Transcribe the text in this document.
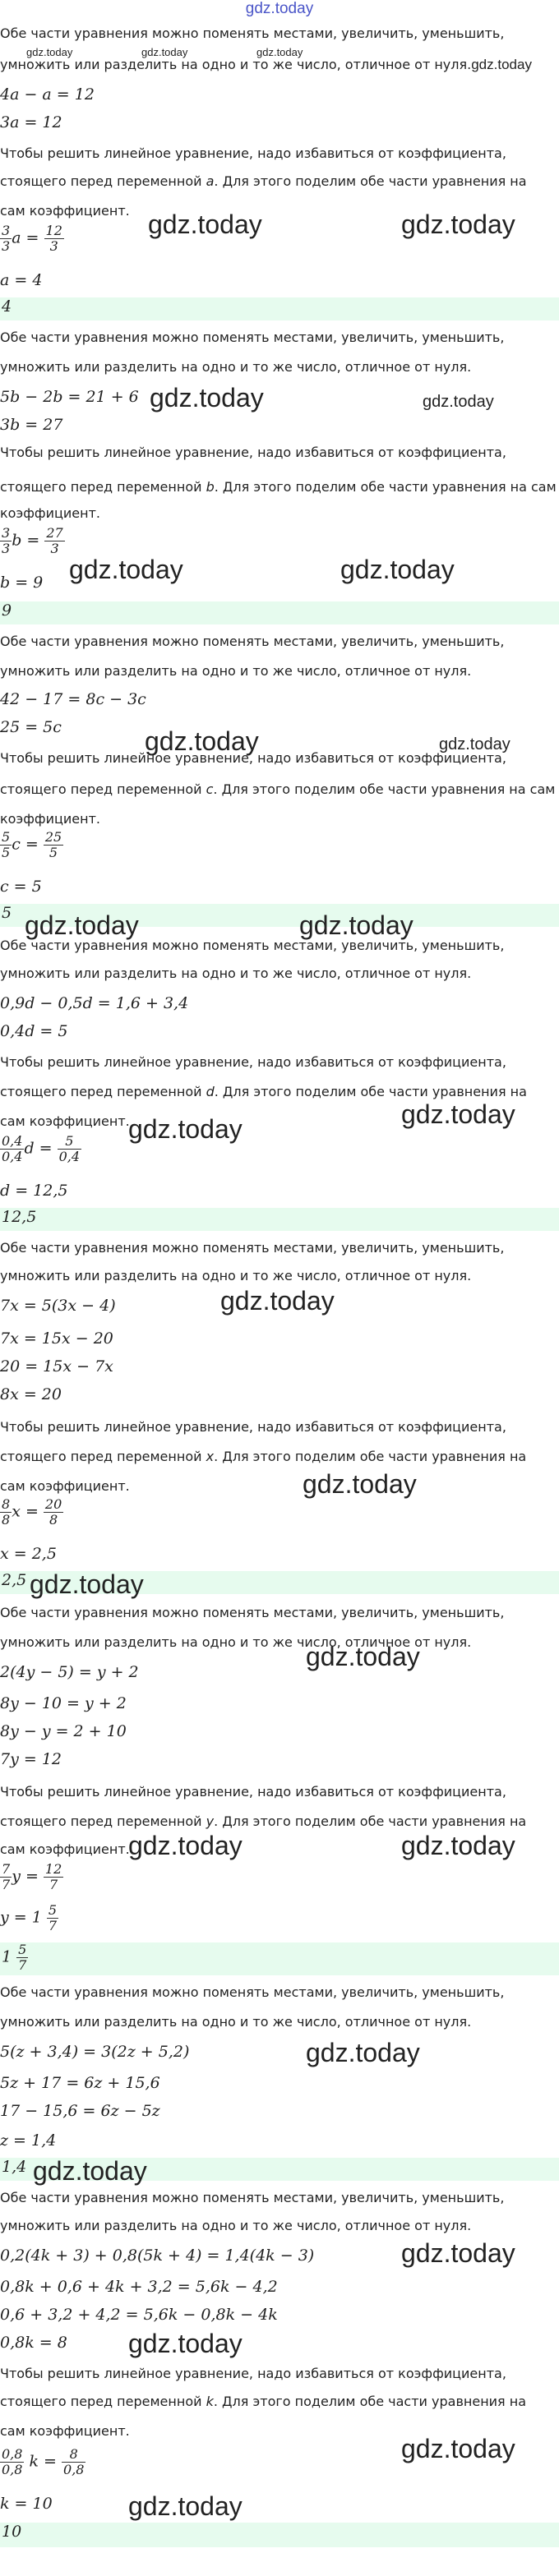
gdz.today
gdz.today	gdz.today	gdz.today
Обе части уравнения можно поменять местами, увеличить, уменьшить,
умножить или разделить на одно и то же число, отличное от нуля.gdz.today
4a − a = 12
3a = 12
Чтобы решить линейное уравнение, надо избавиться от коэффициента,
стоящего перед переменной a. Для этого поделим обе части уравнения на
сам коэффициент.
$\frac{3}{3}$ $a = \frac{12}{3}$	gdz.today	gdz.today
a = 4
4
Обе части уравнения можно поменять местами, увеличить, уменьшить,
умножить или разделить на одно и то же число, отличное от нуля.
5b − 2b = 21 + 6 gdz.today	gdz.today
3b = 27
Чтобы решить линейное уравнение, надо избавиться от коэффициента,
стоящего перед переменной b. Для этого поделим обе части уравнения на сам
коэффициент.
$\frac{3}{3}$ $b = \frac{27}{3}$
gdz.today	gdz.today
b = 9
9
Обе части уравнения можно поменять местами, увеличить, уменьшить,
умножить или разделить на одно и то же число, отличное от нуля.
42 − 17 = 8c − 3c
25 = 5c	gdz.today	gdz.today
Чтобы решить линейное уравнение, надо избавиться от коэффициента,
стоящего перед переменной c. Для этого поделим обе части уравнения на сам
коэффициент.
$\frac{5}{5}$ $c = \frac{25}{5}$
c = 5
5 gdz.today	gdz.today
Обе части уравнения можно поменять местами, увеличить, уменьшить,
умножить или разделить на одно и то же число, отличное от нуля.
0,9d − 0,5d = 1,6 + 3,4
0,4d = 5
Чтобы решить линейное уравнение, надо избавиться от коэффициента,
стоящего перед переменной d. Для этого поделим обе части уравнения на
сам коэффициент.	gdz.today
$\frac{0,4}{0,4}$ $d = \frac{5}{0,4}$
gdz.today
d = 12,5
12,5
Обе части уравнения можно поменять местами, увеличить, уменьшить,
умножить или разделить на одно и то же число, отличное от нуля.
gdz.today
7x = 5(3x − 4)
7x = 15x − 20
20 = 15x − 7x
8x = 20
Чтобы решить линейное уравнение, надо избавиться от коэффициента,
стоящего перед переменной x. Для этого поделим обе части уравнения на
сам коэффициент.	gdz.today
$\frac{8}{8}$ $x = \frac{20}{8}$
x = 2,5
2,5 gdz.today
Обе части уравнения можно поменять местами, увеличить, уменьшить,
умножить или разделить на одно и то же число, отличное от нуля.
gdz.today
2(4y − 5) = y + 2
8y − 10 = y + 2
8y − y = 2 + 10
7y = 12
Чтобы решить линейное уравнение, надо избавиться от коэффициента,
стоящего перед переменной y. Для этого поделим обе части уравнения на
сам коэффициент.
gdz.today	gdz.today
$\frac{7}{7}$ $y = \frac{12}{7}$
$y = 1 \frac{5}{7}$
$1 \frac{5}{7}$
Обе части уравнения можно поменять местами, увеличить, уменьшить,
умножить или разделить на одно и то же число, отличное от нуля.
5(z + 3,4) = 3(2z + 5,2)	gdz.today
5z + 17 = 6z + 15,6
17 − 15,6 = 6z − 5z
z = 1,4
1,4 gdz.today
Обе части уравнения можно поменять местами, увеличить, уменьшить,
умножить или разделить на одно и то же число, отличное от нуля.
0,2(4k + 3) + 0,8(5k + 4) = 1,4(4k − 3)	gdz.today
0,8k + 0,6 + 4k + 3,2 = 5,6k − 4,2
0,6 + 3,2 + 4,2 = 5,6k − 0,8k − 4k
0,8k = 8	gdz.today
Чтобы решить линейное уравнение, надо избавиться от коэффициента,
стоящего перед переменной k. Для этого поделим обе части уравнения на
сам коэффициент.
gdz.today
$\frac{0,8}{0,8}$ $k = \frac{8}{0,8}$
k = 10	gdz.today
10
